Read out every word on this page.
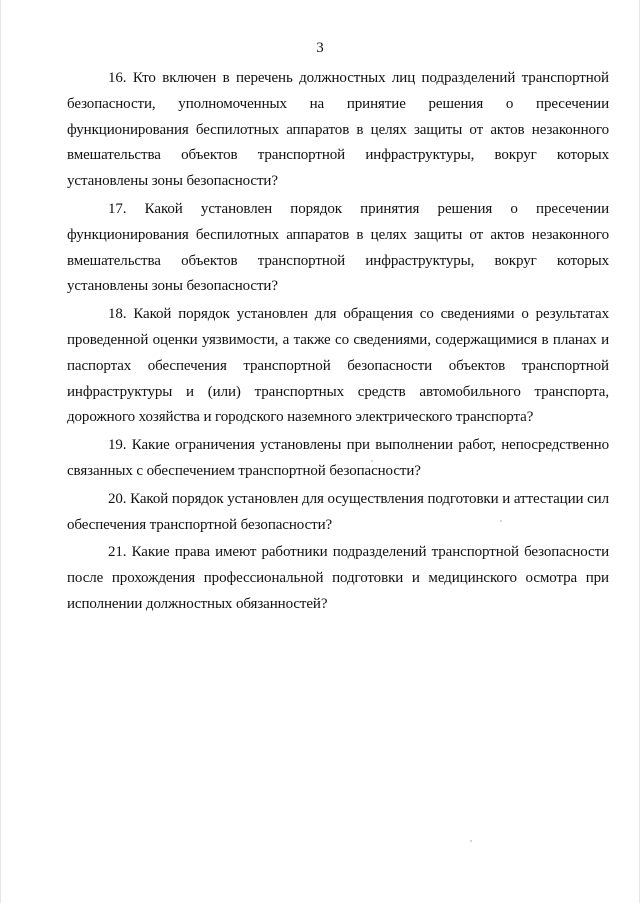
3

16. Кто включен в перечень должностных лиц подразделений транспортной безопасности, уполномоченных на принятие решения о пресечении функционирования беспилотных аппаратов в целях защиты от актов незаконного вмешательства объектов транспортной инфраструктуры, вокруг которых установлены зоны безопасности?

17. Какой установлен порядок принятия решения о пресечении функционирования беспилотных аппаратов в целях защиты от актов незаконного вмешательства объектов транспортной инфраструктуры, вокруг которых установлены зоны безопасности?

18. Какой порядок установлен для обращения со сведениями о результатах проведенной оценки уязвимости, а также со сведениями, содержащимися в планах и паспортах обеспечения транспортной безопасности объектов транспортной инфраструктуры и (или) транспортных средств автомобильного транспорта, дорожного хозяйства и городского наземного электрического транспорта?

19. Какие ограничения установлены при выполнении работ, непосредственно связанных с обеспечением транспортной безопасности?

20. Какой порядок установлен для осуществления подготовки и аттестации сил обеспечения транспортной безопасности?

21. Какие права имеют работники подразделений транспортной безопасности после прохождения профессиональной подготовки и медицинского осмотра при исполнении должностных обязанностей?
